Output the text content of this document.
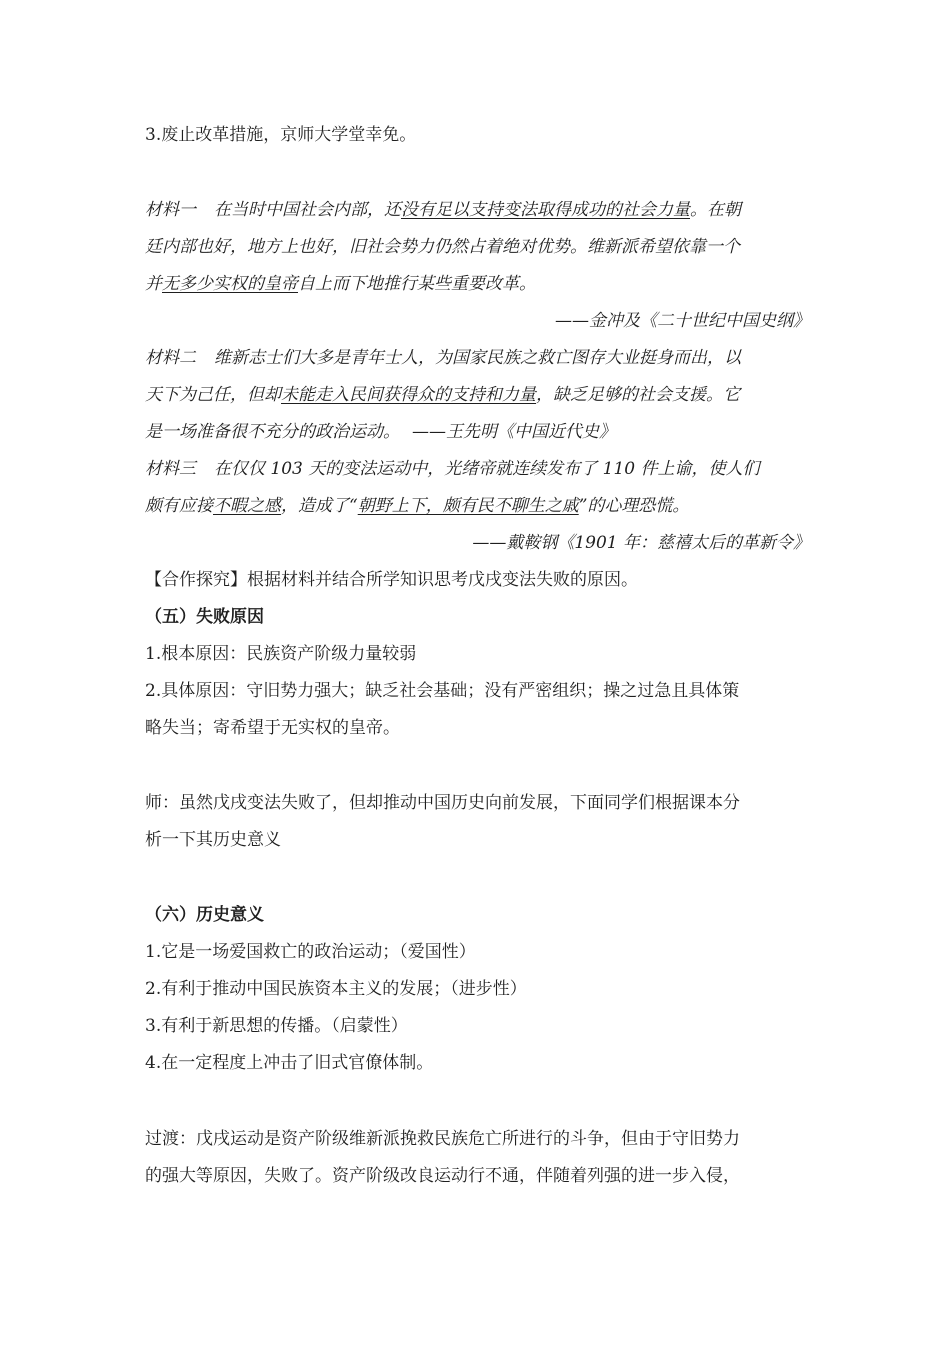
3.废止改革措施，京师大学堂幸免。
材料一 在当时中国社会内部，还没有足以支持变法取得成功的社会力量。在朝
廷内部也好，地方上也好，旧社会势力仍然占着绝对优势。维新派希望依靠一个
并无多少实权的皇帝自上而下地推行某些重要改革。
——金冲及《二十世纪中国史纲》
材料二 维新志士们大多是青年士人，为国家民族之救亡图存大业挺身而出，以
天下为己任，但却未能走入民间获得众的支持和力量，缺乏足够的社会支援。它
是一场准备很不充分的政治运动。 ——王先明《中国近代史》
材料三 在仅仅 103 天的变法运动中，光绪帝就连续发布了 110 件上谕，使人们
颇有应接不暇之感，造成了“朝野上下，颇有民不聊生之戚”的心理恐慌。
——戴鞍钢《1901 年：慈禧太后的革新令》
【合作探究】根据材料并结合所学知识思考戊戌变法失败的原因。
（五）失败原因
1.根本原因：民族资产阶级力量较弱
2.具体原因：守旧势力强大；缺乏社会基础；没有严密组织；操之过急且具体策
略失当；寄希望于无实权的皇帝。
师：虽然戊戌变法失败了，但却推动中国历史向前发展，下面同学们根据课本分
析一下其历史意义
（六）历史意义
1.它是一场爱国救亡的政治运动；（爱国性）
2.有利于推动中国民族资本主义的发展；（进步性）
3.有利于新思想的传播。（启蒙性）
4.在一定程度上冲击了旧式官僚体制。
过渡：戊戌运动是资产阶级维新派挽救民族危亡所进行的斗争，但由于守旧势力
的强大等原因，失败了。资产阶级改良运动行不通，伴随着列强的进一步入侵，
